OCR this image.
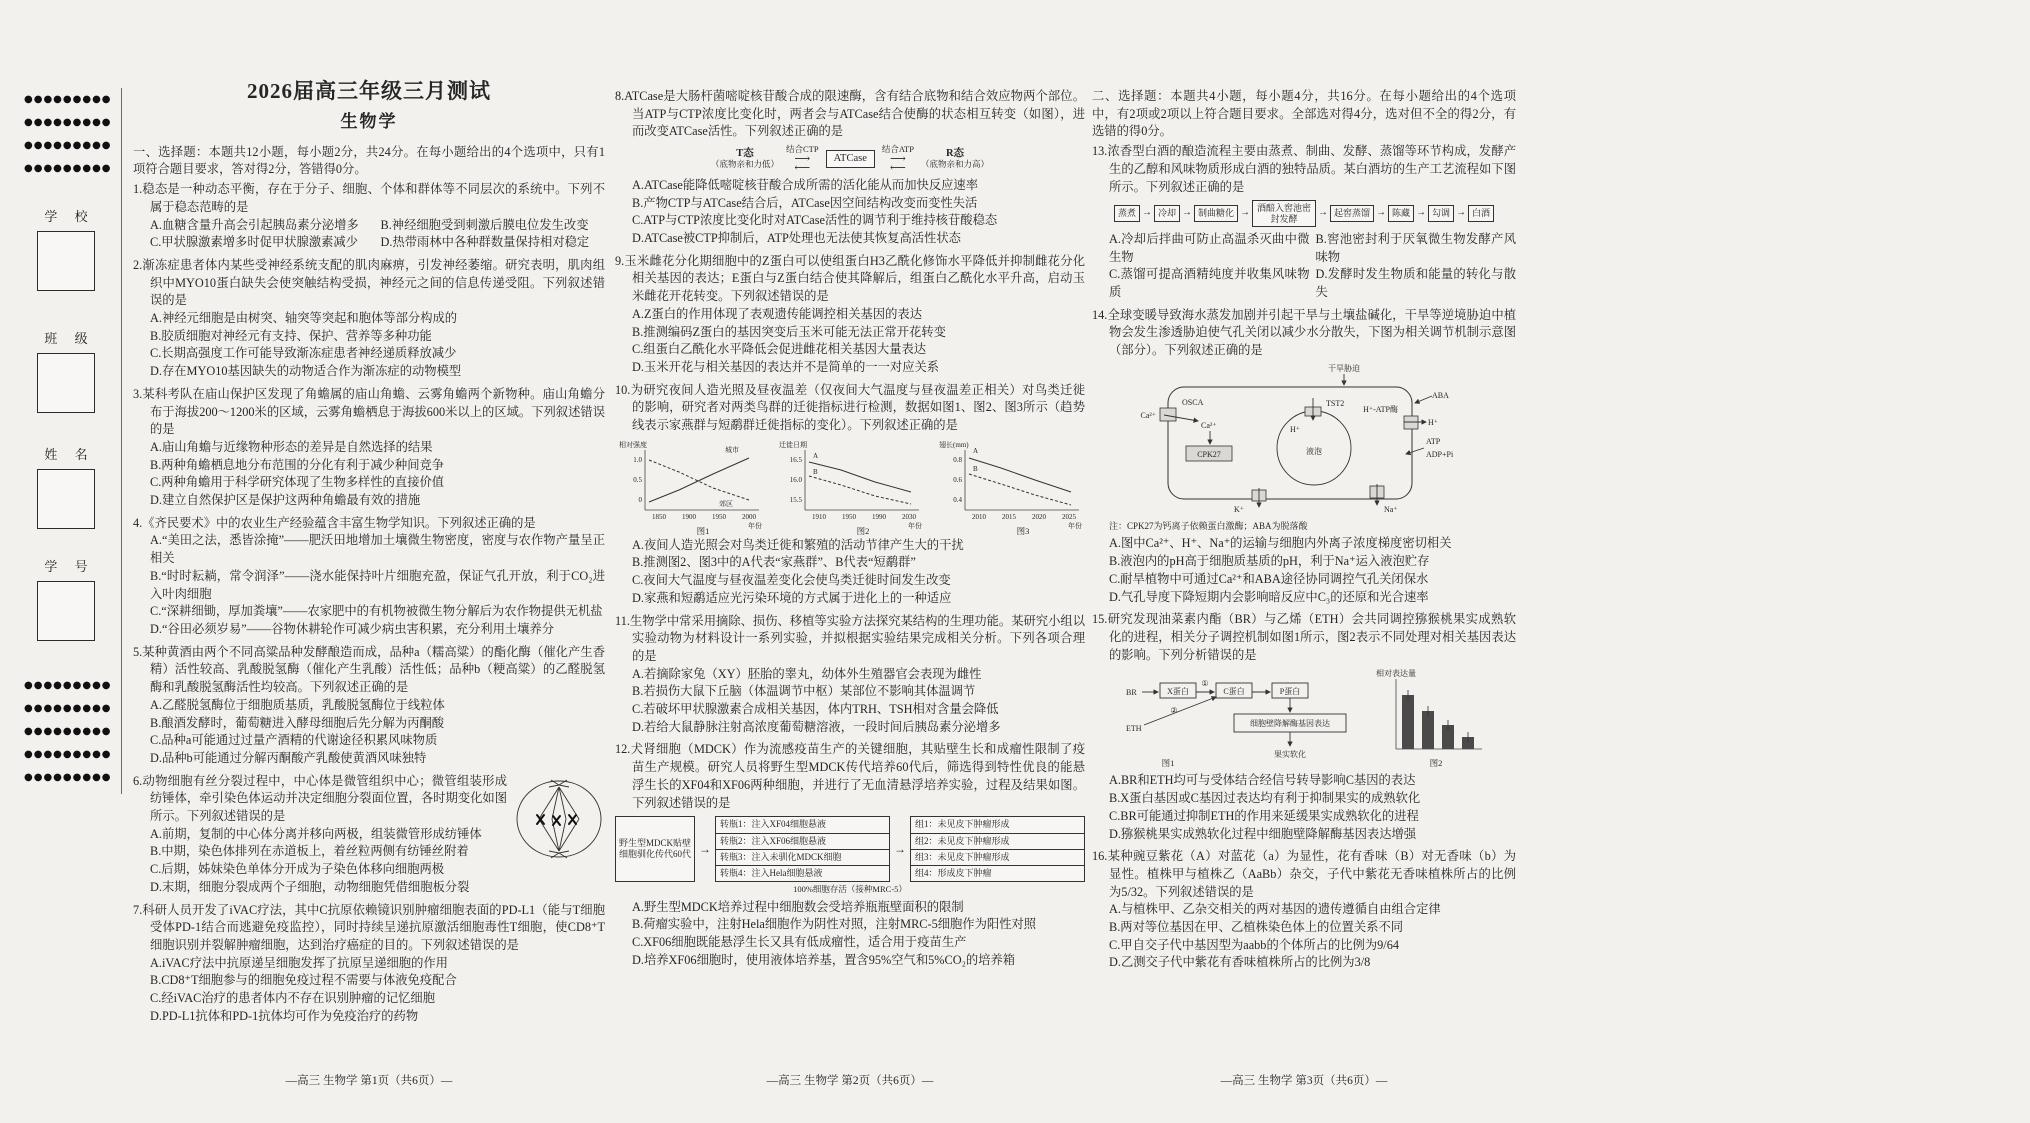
●●●●●●●●●
●●●●●●●●●
●●●●●●●●●
●●●●●●●●●
学 校
班 级
姓 名
学 号
●●●●●●●●●
●●●●●●●●●
●●●●●●●●●
●●●●●●●●●
●●●●●●●●●
2026届高三年级三月测试
生物学

一、选择题：本题共12小题，每小题2分，共24分。在每小题给出的4个选项中，只有1项符合题目要求，答对得2分，答错得0分。

1.稳态是一种动态平衡，存在于分子、细胞、个体和群体等不同层次的系统中。下列不属于稳态范畴的是

A.血糖含量升高会引起胰岛素分泌增多	B.神经细胞受到刺激后膜电位发生改变
C.甲状腺激素增多时促甲状腺激素减少	D.热带雨林中各种群数量保持相对稳定

2.渐冻症患者体内某些受神经系统支配的肌肉麻痹，引发神经萎缩。研究表明，肌肉组织中MYO10蛋白缺失会使突触结构受损，神经元之间的信息传递受阻。下列叙述错误的是

A.神经元细胞是由树突、轴突等突起和胞体等部分构成的
B.胶质细胞对神经元有支持、保护、营养等多种功能
C.长期高强度工作可能导致渐冻症患者神经递质释放减少
D.存在MYO10基因缺失的动物适合作为渐冻症的动物模型

3.某科考队在庙山保护区发现了角蟾属的庙山角蟾、云雾角蟾两个新物种。庙山角蟾分布于海拔200～1200米的区域，云雾角蟾栖息于海拔600米以上的区域。下列叙述错误的是

A.庙山角蟾与近缘物种形态的差异是自然选择的结果
B.两种角蟾栖息地分布范围的分化有利于减少种间竞争
C.两种角蟾用于科学研究体现了生物多样性的直接价值
D.建立自然保护区是保护这两种角蟾最有效的措施

4.《齐民要术》中的农业生产经验蕴含丰富生物学知识。下列叙述正确的是

A.“美田之法，悉皆涂掩”——肥沃田地增加土壤微生物密度，密度与农作物产量呈正相关
B.“时时耘耥，常令润泽”——浇水能保持叶片细胞充盈，保证气孔开放，利于CO₂进入叶肉细胞
C.“深耕细锄，厚加粪壤”——农家肥中的有机物被微生物分解后为农作物提供无机盐
D.“谷田必须岁易”——谷物休耕轮作可减少病虫害积累，充分利用土壤养分

5.某种黄酒由两个不同高粱品种发酵酿造而成，品种a（糯高粱）的酯化酶（催化产生香精）活性较高、乳酸脱氢酶（催化产生乳酸）活性低；品种b（粳高粱）的乙醛脱氢酶和乳酸脱氢酶活性均较高。下列叙述正确的是

A.乙醛脱氢酶位于细胞质基质，乳酸脱氢酶位于线粒体
B.酿酒发酵时，葡萄糖进入酵母细胞后先分解为丙酮酸
C.品种a可能通过过量产酒精的代谢途径积累风味物质
D.品种b可能通过分解丙酮酸产乳酸使黄酒风味独特

6.动物细胞有丝分裂过程中，中心体是微管组织中心；微管组装形成纺锤体，牵引染色体运动并决定细胞分裂面位置，各时期变化如图所示。下列叙述错误的是

A.前期，复制的中心体分离并移向两极，组装微管形成纺锤体
B.中期，染色体排列在赤道板上，着丝粒两侧有纺锤丝附着
C.后期，姊妹染色单体分开成为子染色体移向细胞两极
D.末期，细胞分裂成两个子细胞，动物细胞凭借细胞板分裂

7.科研人员开发了iVAC疗法，其中C抗原依赖镜识别肿瘤细胞表面的PD-L1（能与T细胞受体PD-1结合而逃避免疫监控），同时持续呈递抗原激活细胞毒性T细胞，使CD8⁺T细胞识别并裂解肿瘤细胞，达到治疗癌症的目的。下列叙述错误的是

A.iVAC疗法中抗原递呈细胞发挥了抗原呈递细胞的作用
B.CD8⁺T细胞参与的细胞免疫过程不需要与体液免疫配合
C.经iVAC治疗的患者体内不存在识别肿瘤的记忆细胞
D.PD-L1抗体和PD-1抗体均可作为免疫治疗的药物

8.ATCase是大肠杆菌嘧啶核苷酸合成的限速酶，含有结合底物和结合效应物两个部位。当ATP与CTP浓度比变化时，两者会与ATCase结合使酶的状态相互转变（如图），进而改变ATCase活性。下列叙述正确的是

T态
（底物亲和力低）
结合CTP
⟶
⟵
ATCase
结合ATP
⟶
⟵
R态
（底物亲和力高）
A.ATCase能降低嘧啶核苷酸合成所需的活化能从而加快反应速率
B.产物CTP与ATCase结合后，ATCase因空间结构改变而变性失活
C.ATP与CTP浓度比变化时对ATCase活性的调节利于维持核苷酸稳态
D.ATCase被CTP抑制后，ATP处理也无法使其恢复高活性状态

9.玉米雌花分化期细胞中的Z蛋白可以使组蛋白H3乙酰化修饰水平降低并抑制雌花分化相关基因的表达；E蛋白与Z蛋白结合使其降解后，组蛋白乙酰化水平升高，启动玉米雌花开花转变。下列叙述错误的是

A.Z蛋白的作用体现了表观遗传能调控相关基因的表达
B.推测编码Z蛋白的基因突变后玉米可能无法正常开花转变
C.组蛋白乙酰化水平降低会促进雌花相关基因大量表达
D.玉米开花与相关基因的表达并不是简单的一一对应关系

10.为研究夜间人造光照及昼夜温差（仅夜间大气温度与昼夜温差正相关）对鸟类迁徙的影响，研究者对两类鸟群的迁徙指标进行检测，数据如图1、图2、图3所示（趋势线表示家燕群与短鹬群迁徙指标的变化）。下列叙述正确的是

相对强度
1.0
0.5
0
城市
郊区
1850 1900 1950 2000
年份
图1
迁徙日期
16.5
16.0
15.5
A
B
1910 1950 1990 2030
年份
图2
翅长(mm)
0.8
0.6
0.4
A
B
2010 2015 2020 2025
年份
图3
A.夜间人造光照会对鸟类迁徙和繁殖的活动节律产生大的干扰
B.推测图2、图3中的A代表“家燕群”、B代表“短鹬群”
C.夜间大气温度与昼夜温差变化会使鸟类迁徙时间发生改变
D.家燕和短鹬适应光污染环境的方式属于进化上的一种适应

11.生物学中常采用摘除、损伤、移植等实验方法探究某结构的生理功能。某研究小组以实验动物为材料设计一系列实验，并拟根据实验结果完成相关分析。下列各项合理的是

A.若摘除家兔（XY）胚胎的睾丸，幼体外生殖器官会表现为雌性
B.若损伤大鼠下丘脑（体温调节中枢）某部位不影响其体温调节
C.若破坏甲状腺激素合成相关基因，体内TRH、TSH相对含量会降低
D.若给大鼠静脉注射高浓度葡萄糖溶液，一段时间后胰岛素分泌增多

12.犬肾细胞（MDCK）作为流感疫苗生产的关键细胞，其贴壁生长和成瘤性限制了疫苗生产规模。研究人员将野生型MDCK传代培养60代后，筛选得到特性优良的能悬浮生长的XF04和XF06两种细胞，并进行了无血清悬浮培养实验，过程及结果如图。下列叙述错误的是

野生型MDCK贴壁细胞驯化传代60代 →
转瓶1：注入XF04细胞悬液
转瓶2：注入XF06细胞悬液
转瓶3：注入未驯化MDCK细胞
转瓶4：注入Hela细胞悬液
→
组1：未见皮下肿瘤形成
组2：未见皮下肿瘤形成
组3：未见皮下肿瘤形成
组4：形成皮下肿瘤
100%细胞存活（接种MRC-5）
A.野生型MDCK培养过程中细胞数会受培养瓶瓶壁面积的限制
B.荷瘤实验中，注射Hela细胞作为阴性对照，注射MRC-5细胞作为阳性对照
C.XF06细胞既能悬浮生长又具有低成瘤性，适合用于疫苗生产
D.培养XF06细胞时，使用液体培养基，置含95%空气和5%CO₂的培养箱

二、选择题：本题共4小题，每小题4分，共16分。在每小题给出的4个选项中，有2项或2项以上符合题目要求。全部选对得4分，选对但不全的得2分，有选错的得0分。

13.浓香型白酒的酿造流程主要由蒸煮、制曲、发酵、蒸馏等环节构成，发酵产生的乙醇和风味物质形成白酒的独特品质。某白酒坊的生产工艺流程如下图所示。下列叙述正确的是

蒸煮 → 冷却 → 制曲糖化 → 酒醅入窖池密封发酵
→ 起窖蒸馏 → 陈藏 → 勾调 → 白酒
A.冷却后拌曲可防止高温杀灭曲中微生物
B.窖池密封利于厌氧微生物发酵产风味物
C.蒸馏可提高酒精纯度并收集风味物质
D.发酵时发生物质和能量的转化与散失

14.全球变暖导致海水蒸发加剧并引起干旱与土壤盐碱化，干旱等逆境胁迫中植物会发生渗透胁迫使气孔关闭以减少水分散失，下图为相关调节机制示意图（部分）。下列叙述正确的是

干旱胁迫
Ca²⁺
OSCA
Ca²⁺
CPK27	液泡
TST2
H⁺
H⁺-ATP酶
H⁺
ATP
ADP+Pi
ABA
Na⁺
K⁺

注：CPK27为钙离子依赖蛋白激酶；ABA为脱落酸

A.图中Ca²⁺、H⁺、Na⁺的运输与细胞内外离子浓度梯度密切相关
B.液泡内的pH高于细胞质基质的pH，利于Na⁺运入液泡贮存
C.耐旱植物中可通过Ca²⁺和ABA途径协同调控气孔关闭保水
D.气孔导度下降短期内会影响暗反应中C₃的还原和光合速率

15.研究发现油菜素内酯（BR）与乙烯（ETH）会共同调控猕猴桃果实成熟软化的进程，相关分子调控机制如图1所示，图2表示不同处理对相关基因表达的影响。下列分析错误的是

BR	X蛋白
①
C蛋白	P蛋白
细胞壁降解酶基因表达
果实软化
ETH
②
图1
相对表达量
图2
A.BR和ETH均可与受体结合经信号转导影响C基因的表达
B.X蛋白基因或C基因过表达均有利于抑制果实的成熟软化
C.BR可能通过抑制ETH的作用来延缓果实成熟软化的进程
D.猕猴桃果实成熟软化过程中细胞壁降解酶基因表达增强

16.某种豌豆紫花（A）对蓝花（a）为显性，花有香味（B）对无香味（b）为显性。植株甲与植株乙（AaBb）杂交，子代中紫花无香味植株所占的比例为5/32。下列叙述错误的是

A.与植株甲、乙杂交相关的两对基因的遗传遵循自由组合定律
B.两对等位基因在甲、乙植株染色体上的位置关系不同
C.甲自交子代中基因型为aabb的个体所占的比例为9/64
D.乙测交子代中紫花有香味植株所占的比例为3/8
—高三 生物学 第1页（共6页）—	—高三 生物学 第2页（共6页）—	—高三 生物学 第3页（共6页）—
